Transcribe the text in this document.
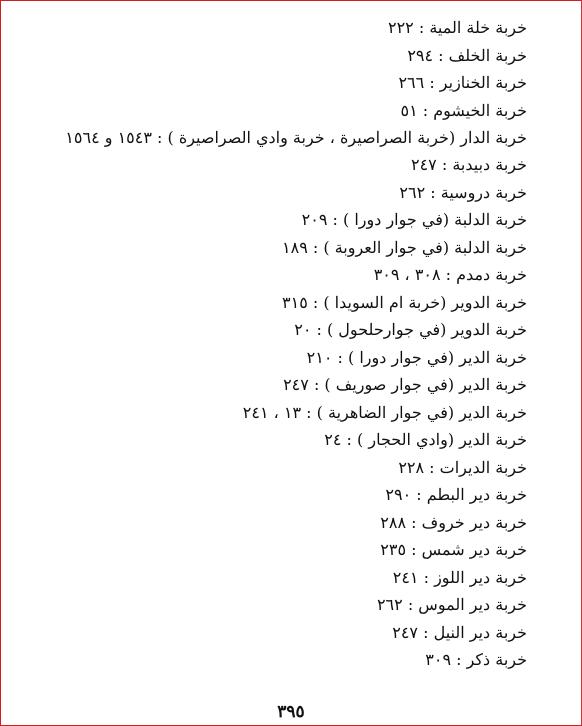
خربة خلة المية : ٢٢٢
خربة الخلف : ٢٩٤
خربة الخنازير : ٢٦٦
خربة الخيشوم : ٥١
خربة الدار (خربة الصراصيرة ، خربة وادي الصراصيرة ) : ١٥٤٣ و ١٥٦٤
خربة دبيدبة : ٢٤٧
خربة دروسية : ٢٦٢
خربة الدلبة (في جوار دورا ) : ٢٠٩
خربة الدلبة (في جوار العروبة ) : ١٨٩
خربة دمدم : ٣٠٨ ، ٣٠٩
خربة الدوير (خربة ام السويدا ) : ٣١٥
خربة الدوير (في جوارحلحول ) : ٢٠
خربة الدير (في جوار دورا ) : ٢١٠
خربة الدير (في جوار صوريف ) : ٢٤٧
خربة الدير (في جوار الضاهرية ) : ١٣ ، ٢٤١
خربة الدير (وادي الحجار ) : ٢٤
خربة الديرات : ٢٢٨
خربة دير البطم : ٢٩٠
خربة دير خروف : ٢٨٨
خربة دير شمس : ٢٣٥
خربة دير اللوز : ٢٤١
خربة دير الموس : ٢٦٢
خربة دير النيل : ٢٤٧
خربة ذكر : ٣٠٩
٣٩٥
